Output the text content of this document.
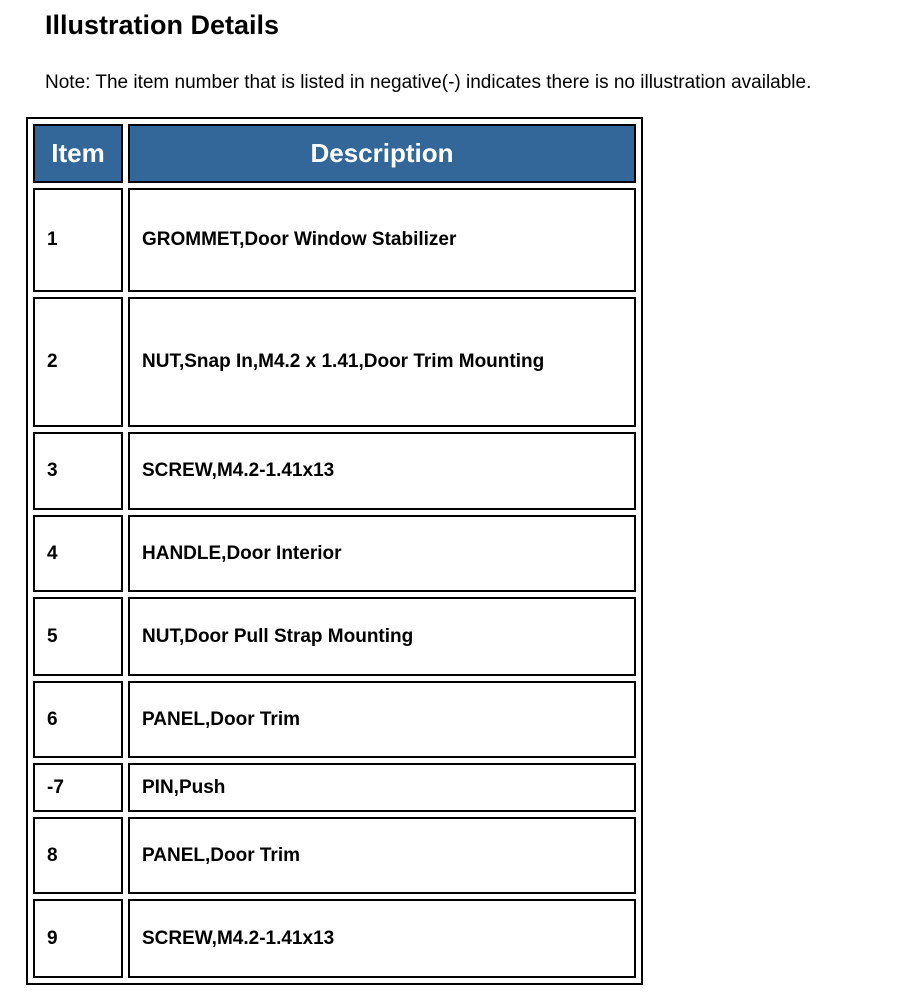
Illustration Details
Note: The item number that is listed in negative(-) indicates there is no illustration available.
Item	Description
1	GROMMET,Door Window Stabilizer
2	NUT,Snap In,M4.2 x 1.41,Door Trim Mounting
3	SCREW,M4.2-1.41x13
4	HANDLE,Door Interior
5	NUT,Door Pull Strap Mounting
6	PANEL,Door Trim
-7	PIN,Push
8	PANEL,Door Trim
9	SCREW,M4.2-1.41x13
